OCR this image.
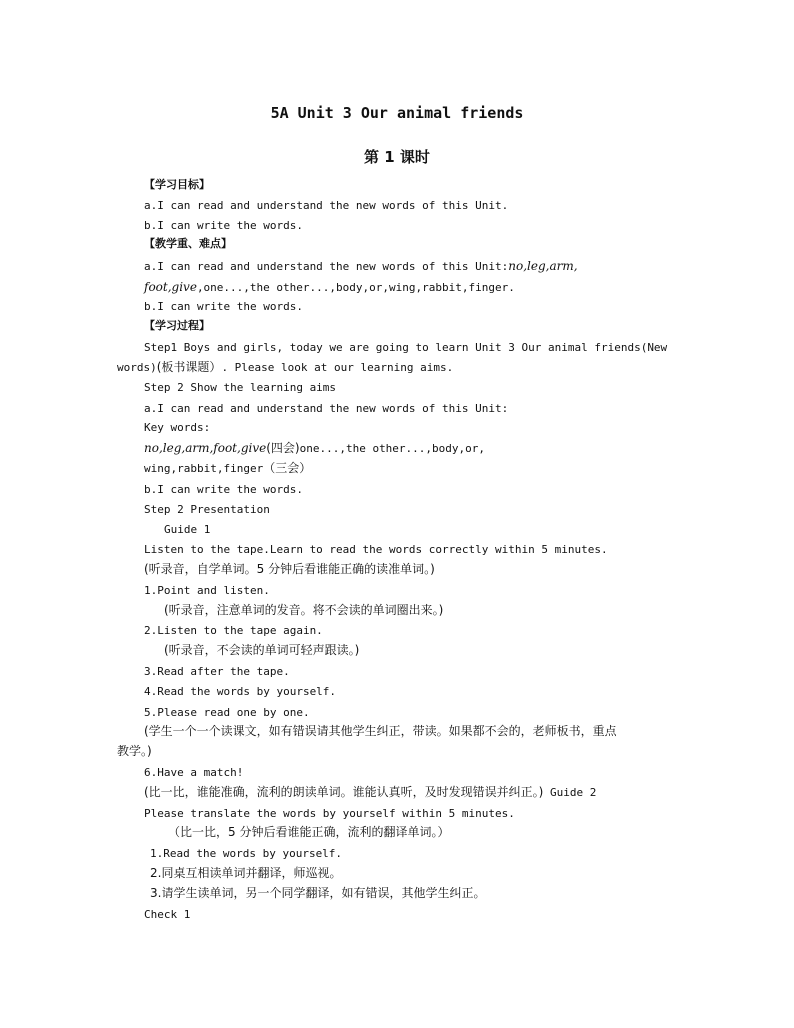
5A Unit 3 Our animal friends
第 1 课时
【学习目标】
a.I can read and understand the new words of this Unit.
b.I can write the words.
【教学重、难点】
a.I can read and understand the new words of this Unit:no,leg,arm,
foot,give,one...,the other...,body,or,wing,rabbit,finger.
b.I can write the words.
【学习过程】
Step1 Boys and girls, today we are going to learn Unit 3 Our animal friends(New
words)(板书课题）. Please look at our learning aims.
Step 2 Show the learning aims
a.I can read and understand the new words of this Unit:
Key words:
no,leg,arm,foot,give(四会)one...,the other...,body,or,
wing,rabbit,finger（三会）
b.I can write the words.
Step 2 Presentation
Guide 1
Listen to the tape.Learn to read the words correctly within 5 minutes.
(听录音，自学单词。5 分钟后看谁能正确的读准单词。)
1.Point and listen.
(听录音，注意单词的发音。将不会读的单词圈出来。)
2.Listen to the tape again.
(听录音，不会读的单词可轻声跟读。)
3.Read after the tape.
4.Read the words by yourself.
5.Please read one by one.
(学生一个一个读课文，如有错误请其他学生纠正，带读。如果都不会的，老师板书，重点
教学。)
6.Have a match!
(比一比，谁能准确，流利的朗读单词。谁能认真听，及时发现错误并纠正。) Guide 2
Please translate the words by yourself within 5 minutes.
（比一比，5 分钟后看谁能正确，流利的翻译单词。）
1.Read the words by yourself.
2.同桌互相读单词并翻译，师巡视。
3.请学生读单词，另一个同学翻译，如有错误，其他学生纠正。
Check 1
